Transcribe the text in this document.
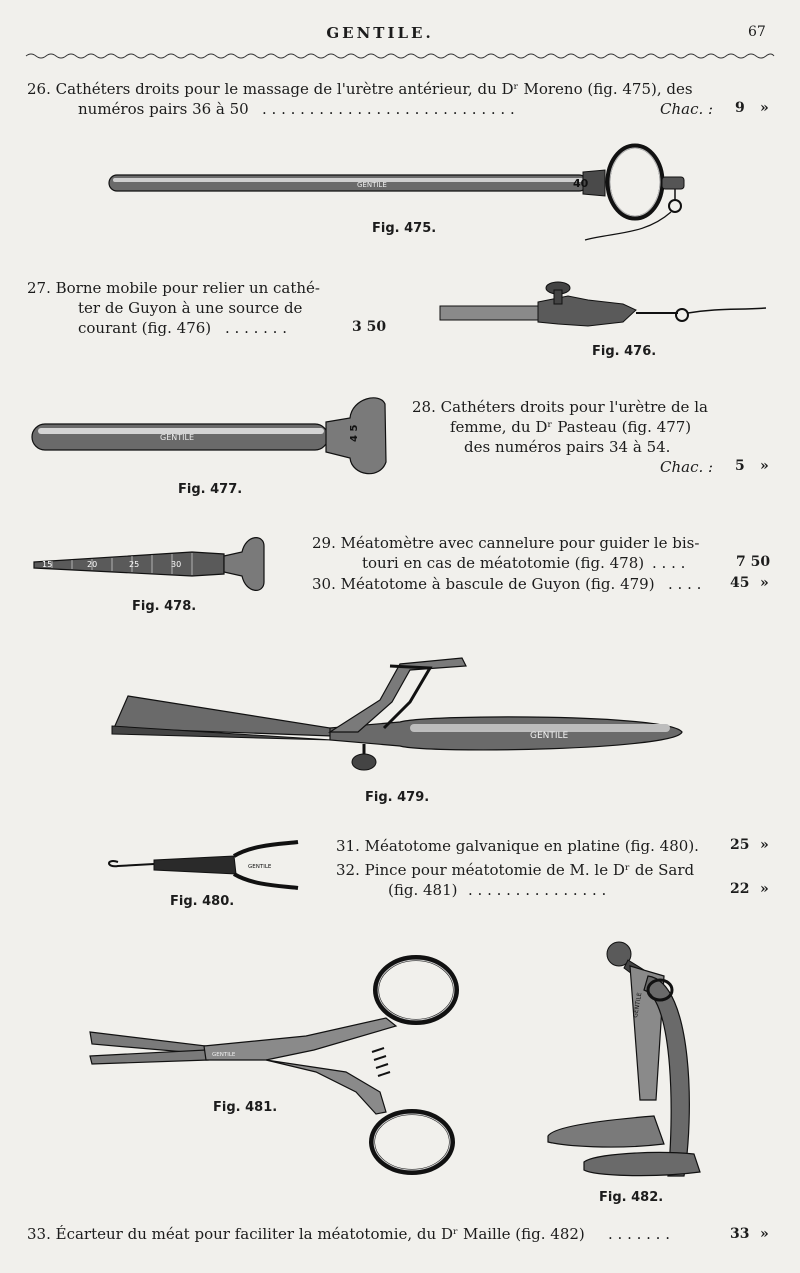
GENTILE.	67
26. Cathéters droits pour le massage de l'urètre antérieur, du Dʳ Moreno (fig. 475), des
numéros pairs 36 à 50 . . . . . . . . . . . . . . . . . . . . . . . . . . .	Chac. : 9 »
GENTILE	40
Fig. 475.
27. Borne mobile pour relier un cathé-
ter de Guyon à une source de
courant (fig. 476) . . . . . . .	3 50
Fig. 476.
GENTILE	4 5
Fig. 477.
28. Cathéters droits pour l'urètre de la
femme, du Dʳ Pasteau (fig. 477)
des numéros pairs 34 à 54.
Chac. : 5 »
15	20	25	30
Fig. 478.
29. Méatomètre avec cannelure pour guider le bis-
touri en cas de méatotomie (fig. 478) . . . .	7 50
30. Méatotome à bascule de Guyon (fig. 479) . . . . 45 »
GENTILE
Fig. 479.
31. Méatotome galvanique en platine (fig. 480). 25 »
32. Pince pour méatotomie de M. le Dʳ de Sard
(fig. 481) . . . . . . . . . . . . . . .	22 »
GENTILE
Fig. 480.
GENTILE
Fig. 481.
GENTILE
Fig. 482.
33. Écarteur du méat pour faciliter la méatotomie, du Dʳ Maille (fig. 482) . . . . . . .	33 »
